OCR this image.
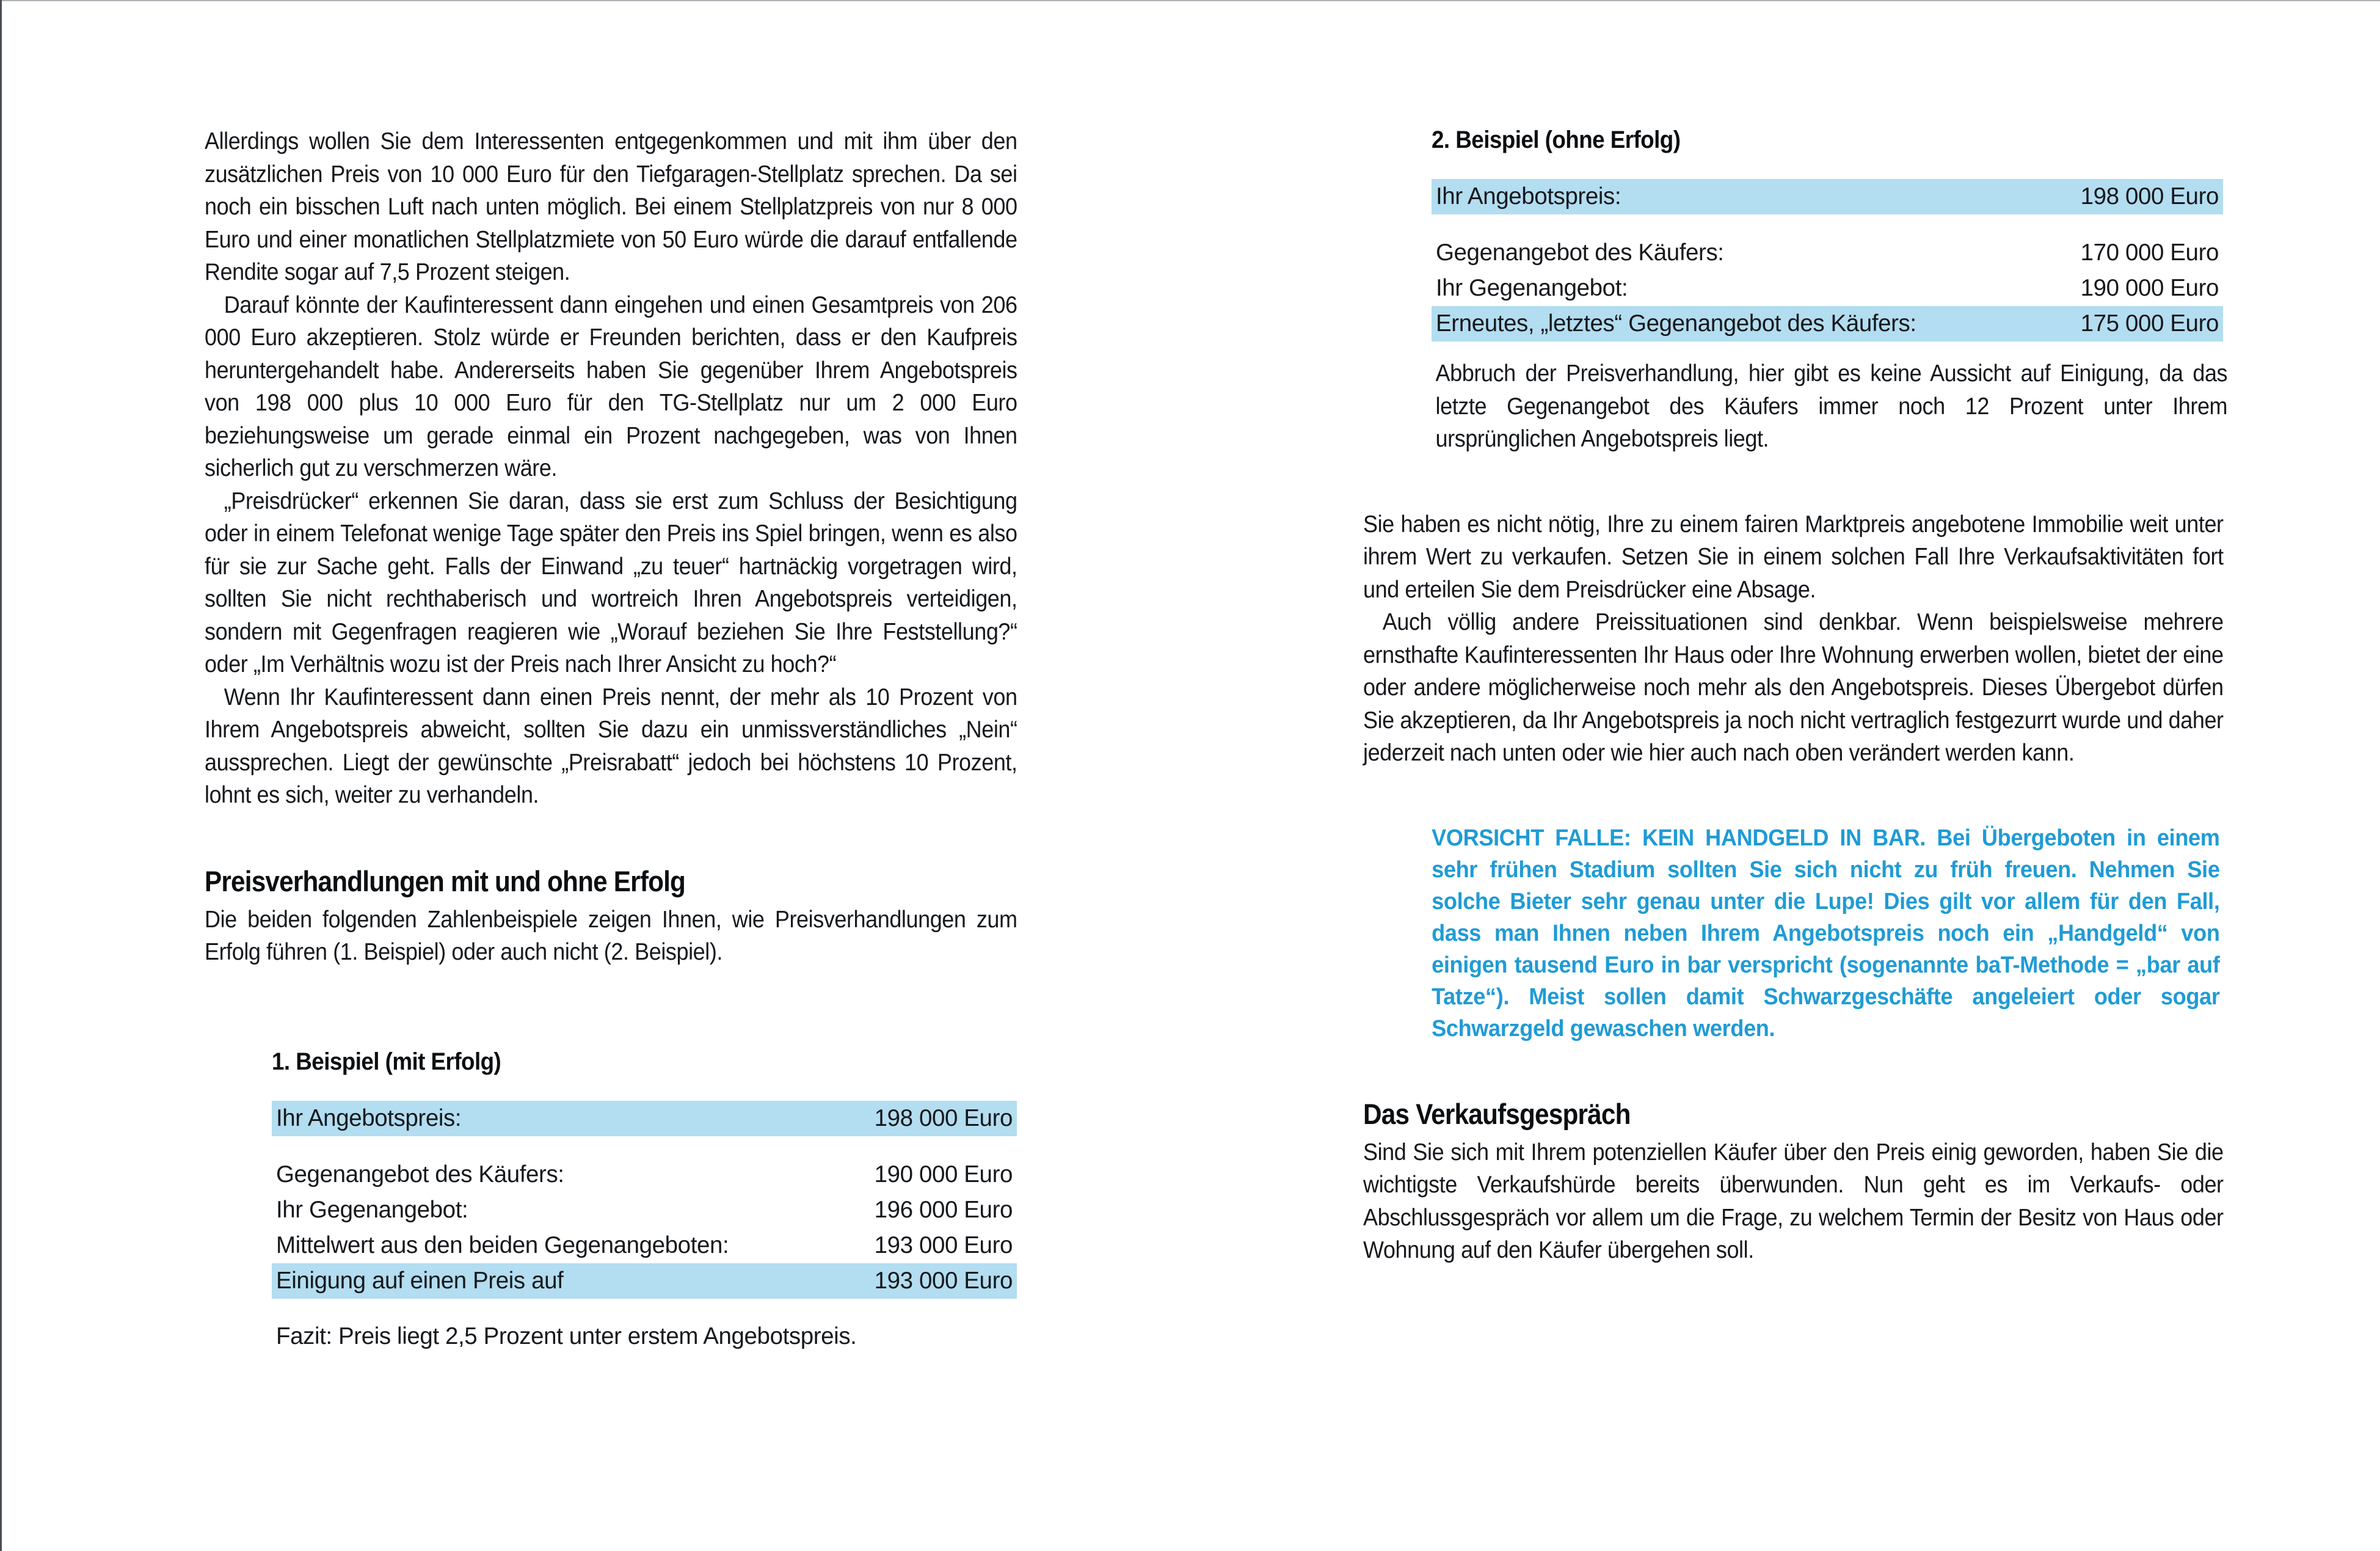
Allerdings wollen Sie dem Interessenten entgegenkommen und mit ihm über den zusätzlichen Preis von 10 000 Euro für den Tiefgaragen-Stellplatz sprechen. Da sei noch ein bisschen Luft nach unten möglich. Bei einem Stellplatzpreis von nur 8 000 Euro und einer monatlichen Stellplatzmiete von 50 Euro würde die darauf entfallende Rendite sogar auf 7,5 Prozent steigen.

Darauf könnte der Kaufinteressent dann eingehen und einen Gesamtpreis von 206 000 Euro akzeptieren. Stolz würde er Freunden berichten, dass er den Kaufpreis heruntergehandelt habe. Andererseits haben Sie gegenüber Ihrem Angebotspreis von 198 000 plus 10 000 Euro für den TG-Stellplatz nur um 2 000 Euro beziehungsweise um gerade einmal ein Prozent nachgegeben, was von Ihnen sicherlich gut zu verschmerzen wäre.

„Preisdrücker“ erkennen Sie daran, dass sie erst zum Schluss der Besichtigung oder in einem Telefonat wenige Tage später den Preis ins Spiel bringen, wenn es also für sie zur Sache geht. Falls der Einwand „zu teuer“ hartnäckig vorgetragen wird, sollten Sie nicht rechthaberisch und wortreich Ihren Angebotspreis verteidigen, sondern mit Gegenfragen reagieren wie „Worauf beziehen Sie Ihre Feststellung?“ oder „Im Verhältnis wozu ist der Preis nach Ihrer Ansicht zu hoch?“

Wenn Ihr Kaufinteressent dann einen Preis nennt, der mehr als 10 Prozent von Ihrem Angebotspreis abweicht, sollten Sie dazu ein unmissverständliches „Nein“ aussprechen. Liegt der gewünschte „Preisrabatt“ jedoch bei höchstens 10 Prozent, lohnt es sich, weiter zu verhandeln.

Preisverhandlungen mit und ohne Erfolg

Die beiden folgenden Zahlenbeispiele zeigen Ihnen, wie Preisverhandlungen zum Erfolg führen (1. Beispiel) oder auch nicht (2. Beispiel).

1. Beispiel (mit Erfolg)
Ihr Angebotspreis:	198 000 Euro

Gegenangebot des Käufers:	190 000 Euro
Ihr Gegenangebot:	196 000 Euro
Mittelwert aus den beiden Gegenangeboten:	193 000 Euro
Einigung auf einen Preis auf	193 000 Euro
Fazit: Preis liegt 2,5 Prozent unter erstem Angebotspreis.
2. Beispiel (ohne Erfolg)
Ihr Angebotspreis:	198 000 Euro

Gegenangebot des Käufers:	170 000 Euro
Ihr Gegenangebot:	190 000 Euro
Erneutes, „letztes“ Gegenangebot des Käufers:	175 000 Euro

Abbruch der Preisverhandlung, hier gibt es keine Aussicht auf Einigung, da das letzte Gegenangebot des Käufers immer noch 12 Prozent unter Ihrem ursprünglichen Angebotspreis liegt.

Sie haben es nicht nötig, Ihre zu einem fairen Marktpreis angebotene Immobilie weit unter ihrem Wert zu verkaufen. Setzen Sie in einem solchen Fall Ihre Verkaufsaktivitäten fort und erteilen Sie dem Preisdrücker eine Absage.

Auch völlig andere Preissituationen sind denkbar. Wenn beispielsweise mehrere ernsthafte Kaufinteressenten Ihr Haus oder Ihre Wohnung erwerben wollen, bietet der eine oder andere möglicherweise noch mehr als den Angebotspreis. Dieses Übergebot dürfen Sie akzeptieren, da Ihr Angebotspreis ja noch nicht vertraglich festgezurrt wurde und daher jederzeit nach unten oder wie hier auch nach oben verändert werden kann.

VORSICHT FALLE: KEIN HANDGELD IN BAR. Bei Übergeboten in einem sehr frühen Stadium sollten Sie sich nicht zu früh freuen. Nehmen Sie solche Bieter sehr genau unter die Lupe! Dies gilt vor allem für den Fall, dass man Ihnen neben Ihrem Angebotspreis noch ein „Handgeld“ von einigen tausend Euro in bar verspricht (sogenannte baT-Methode = „bar auf Tatze“). Meist sollen damit Schwarzgeschäfte angeleiert oder sogar Schwarzgeld gewaschen werden.
Das Verkaufsgespräch

Sind Sie sich mit Ihrem potenziellen Käufer über den Preis einig geworden, haben Sie die wichtigste Verkaufshürde bereits überwunden. Nun geht es im Verkaufs- oder Abschlussgespräch vor allem um die Frage, zu welchem Termin der Besitz von Haus oder Wohnung auf den Käufer übergehen soll.
